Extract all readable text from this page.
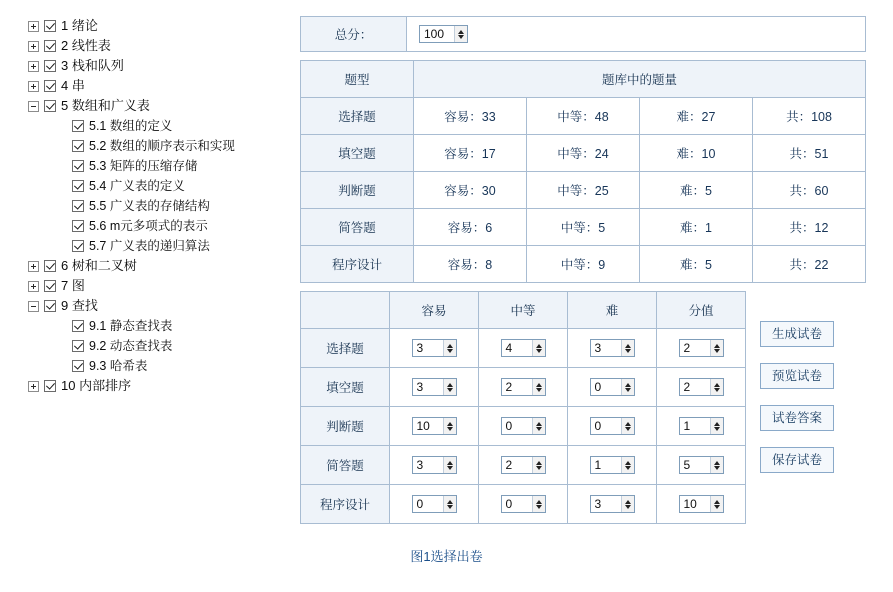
1 绪论
2 线性表
3 栈和队列
4 串
5 数组和广义表
5.1 数组的定义
5.2 数组的顺序表示和实现
5.3 矩阵的压缩存储
5.4 广义表的定义
5.5 广义表的存储结构
5.6 m元多项式的表示
5.7 广义表的递归算法
6 树和二叉树
7 图
9 查找
9.1 静态查找表
9.2 动态查找表
9.3 哈希表
10 内部排序
总分：	100
题型	题库中的题量			
选择题	容易：33	中等：48	难：27	共：108
填空题	容易：17	中等：24	难：10	共：51
判断题	容易：30	中等：25	难：5	共：60
简答题	容易：6	中等：5	难：1	共：12
程序设计	容易：8	中等：9	难：5	共：22
	容易	中等	难	分值
选择题	3	4	3	2

填空题	3	2	0	2

判断题	10	0	0	1

简答题	3	2	1	5

程序设计	0	0	3	10
生成试卷
预览试卷
试卷答案
保存试卷
图1选择出卷
